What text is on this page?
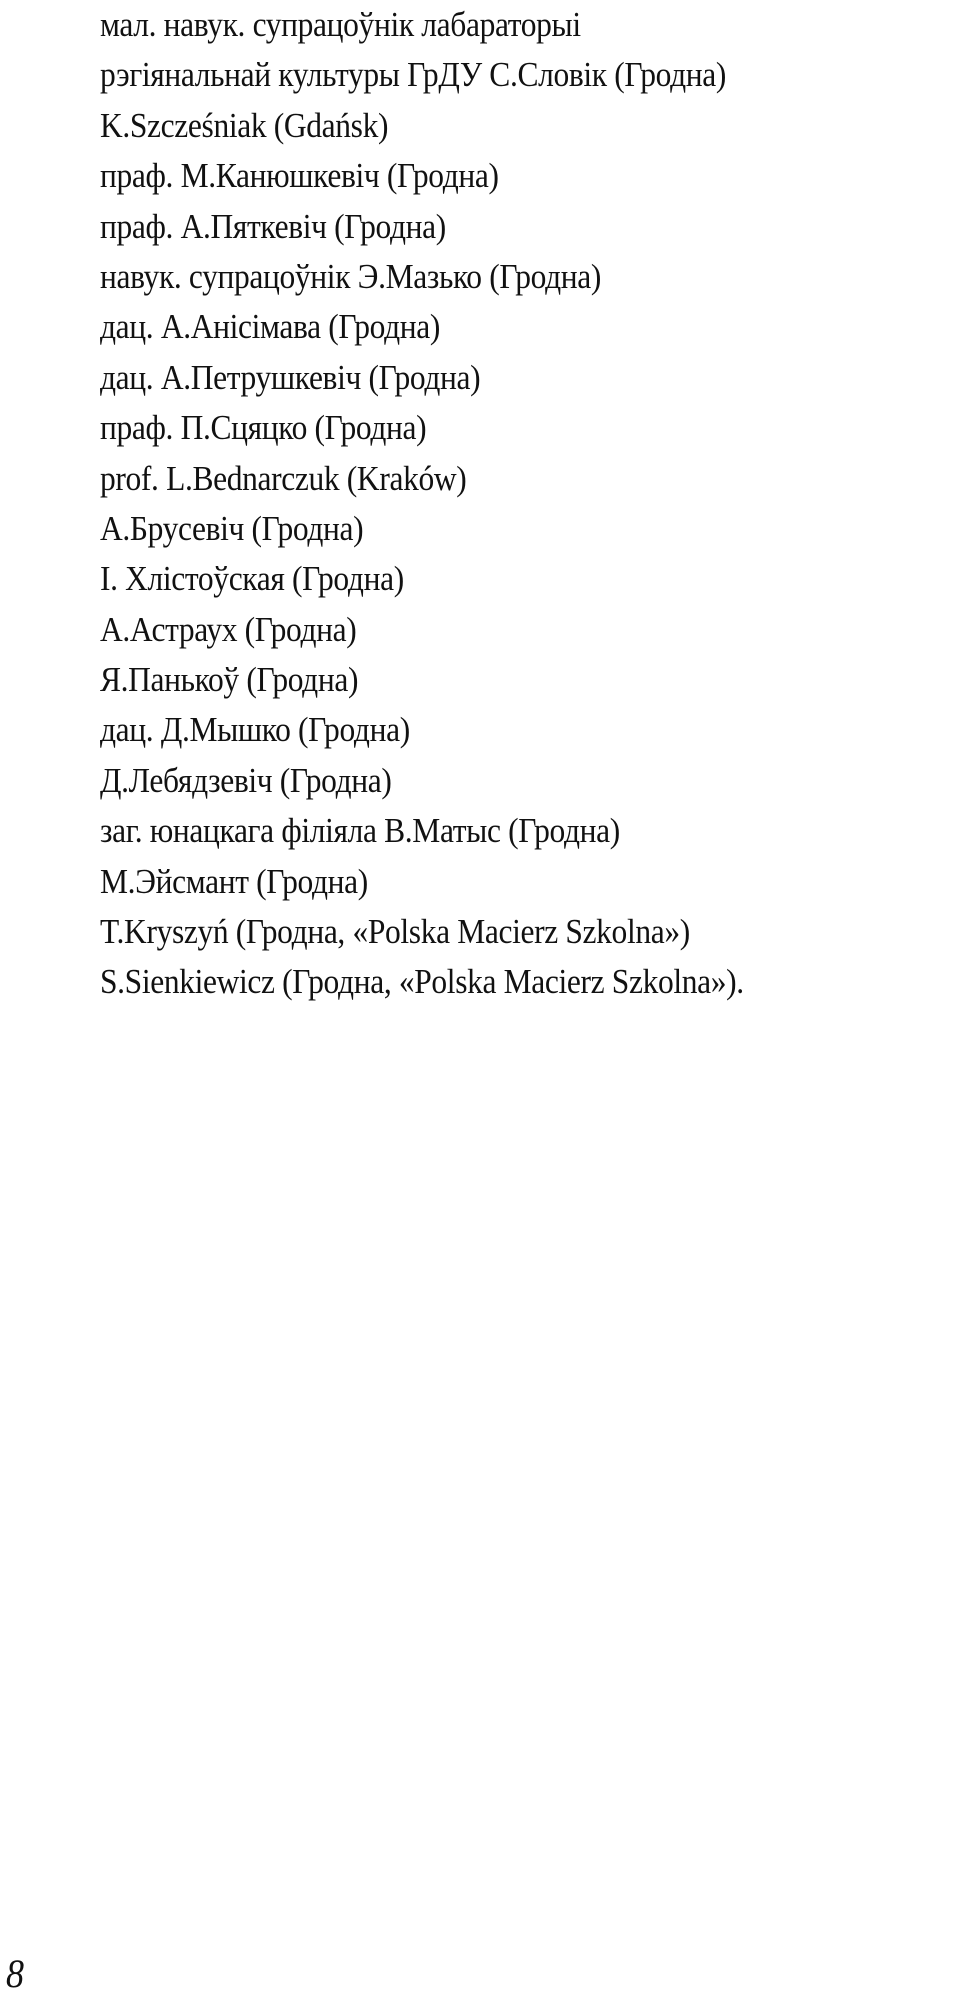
мал. навук. супрацоўнік лабараторыі
рэгіянальнай культуры ГрДУ С.Словік (Гродна)
K.Szcześniak (Gdańsk)
праф. М.Канюшкевіч (Гродна)
праф. А.Пяткевіч (Гродна)
навук. супрацоўнік Э.Мазько (Гродна)
дац. А.Анісімава (Гродна)
дац. А.Петрушкевіч (Гродна)
праф. П.Сцяцко (Гродна)
prof. L.Bednarczuk (Kraków)
А.Брусевіч (Гродна)
І. Хлістоўская (Гродна)
А.Астраух (Гродна)
Я.Панькоў (Гродна)
дац. Д.Мышко (Гродна)
Д.Лебядзевіч (Гродна)
заг. юнацкага філіяла В.Матыс (Гродна)
М.Эйсмант (Гродна)
T.Kryszyń (Гродна, «Polska Macierz Szkolna»)
S.Sienkiewicz (Гродна, «Polska Macierz Szkolna»).
8
